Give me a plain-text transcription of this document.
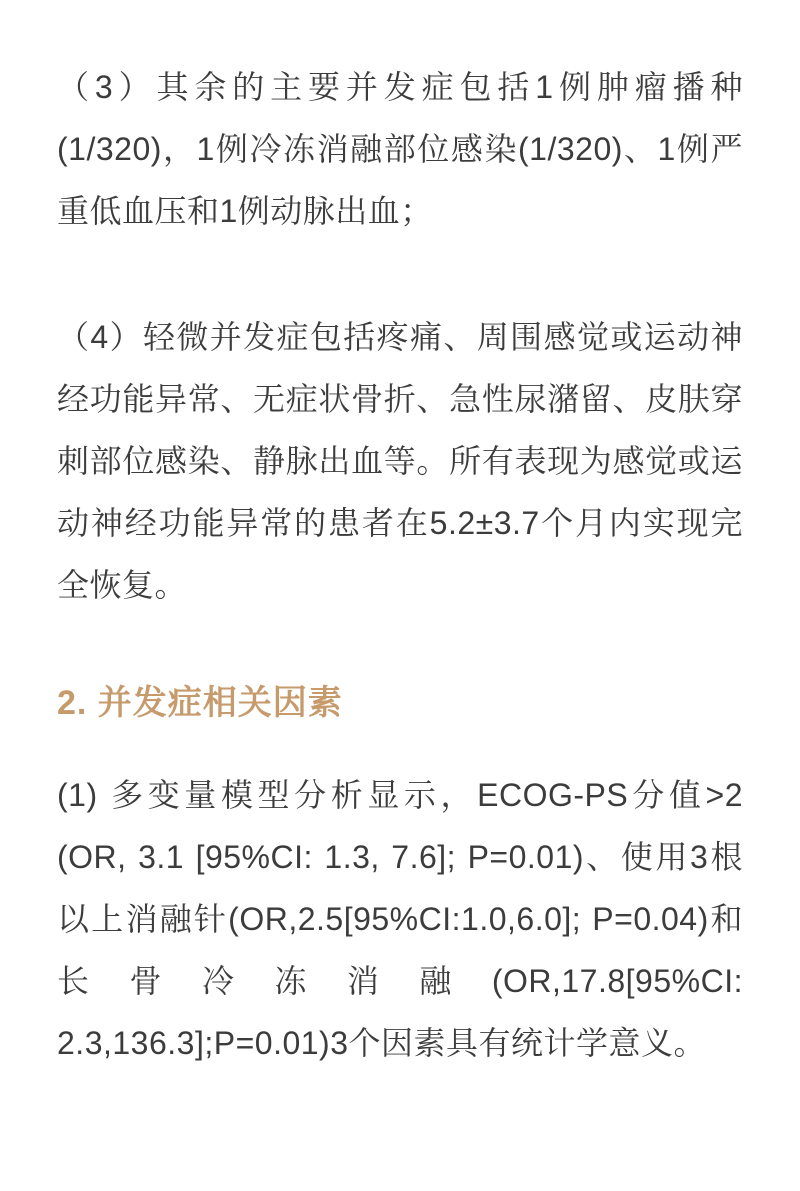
（3）其余的主要并发症包括1例肿瘤播种(1/320)，1例冷冻消融部位感染(1/320)、1例严重低血压和1例动脉出血；

（4）轻微并发症包括疼痛、周围感觉或运动神经功能异常、无症状骨折、急性尿潴留、皮肤穿刺部位感染、静脉出血等。所有表现为感觉或运动神经功能异常的患者在5.2±3.7个月内实现完全恢复。

2. 并发症相关因素

(1) 多变量模型分析显示，ECOG-PS分值>2 (OR, 3.1 [95%CI: 1.3, 7.6]; P=0.01)、使用3根以上消融针(OR,2.5[95%CI:1.0,6.0]; P=0.04)和长骨冷冻消融(OR,17.8[95%CI: 2.3,136.3];P=0.01)3个因素具有统计学意义。
